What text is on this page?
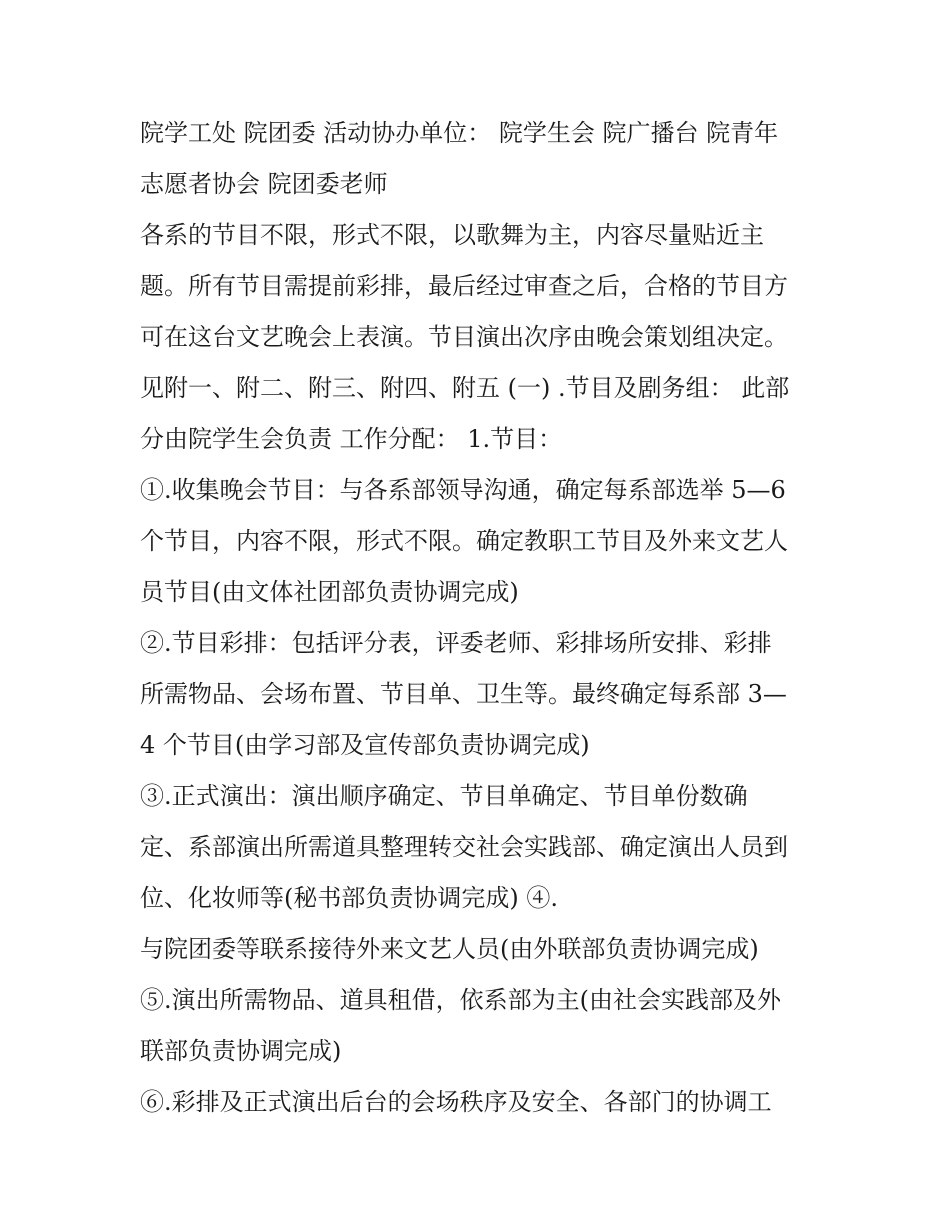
院学工处 院团委 活动协办单位： 院学生会 院广播台 院青年
志愿者协会 院团委老师
各系的节目不限，形式不限，以歌舞为主，内容尽量贴近主
题。所有节目需提前彩排，最后经过审查之后，合格的节目方
可在这台文艺晚会上表演。节目演出次序由晚会策划组决定。
见附一、附二、附三、附四、附五 (一) .节目及剧务组： 此部
分由院学生会负责 工作分配： 1.节目：
①.收集晚会节目：与各系部领导沟通，确定每系部选举 5—6
个节目，内容不限，形式不限。确定教职工节目及外来文艺人
员节目(由文体社团部负责协调完成)
②.节目彩排：包括评分表，评委老师、彩排场所安排、彩排
所需物品、会场布置、节目单、卫生等。最终确定每系部 3—
4 个节目(由学习部及宣传部负责协调完成)
③.正式演出：演出顺序确定、节目单确定、节目单份数确
定、系部演出所需道具整理转交社会实践部、确定演出人员到
位、化妆师等(秘书部负责协调完成) ④.
与院团委等联系接待外来文艺人员(由外联部负责协调完成)
⑤.演出所需物品、道具租借，依系部为主(由社会实践部及外
联部负责协调完成)
⑥.彩排及正式演出后台的会场秩序及安全、各部门的协调工
